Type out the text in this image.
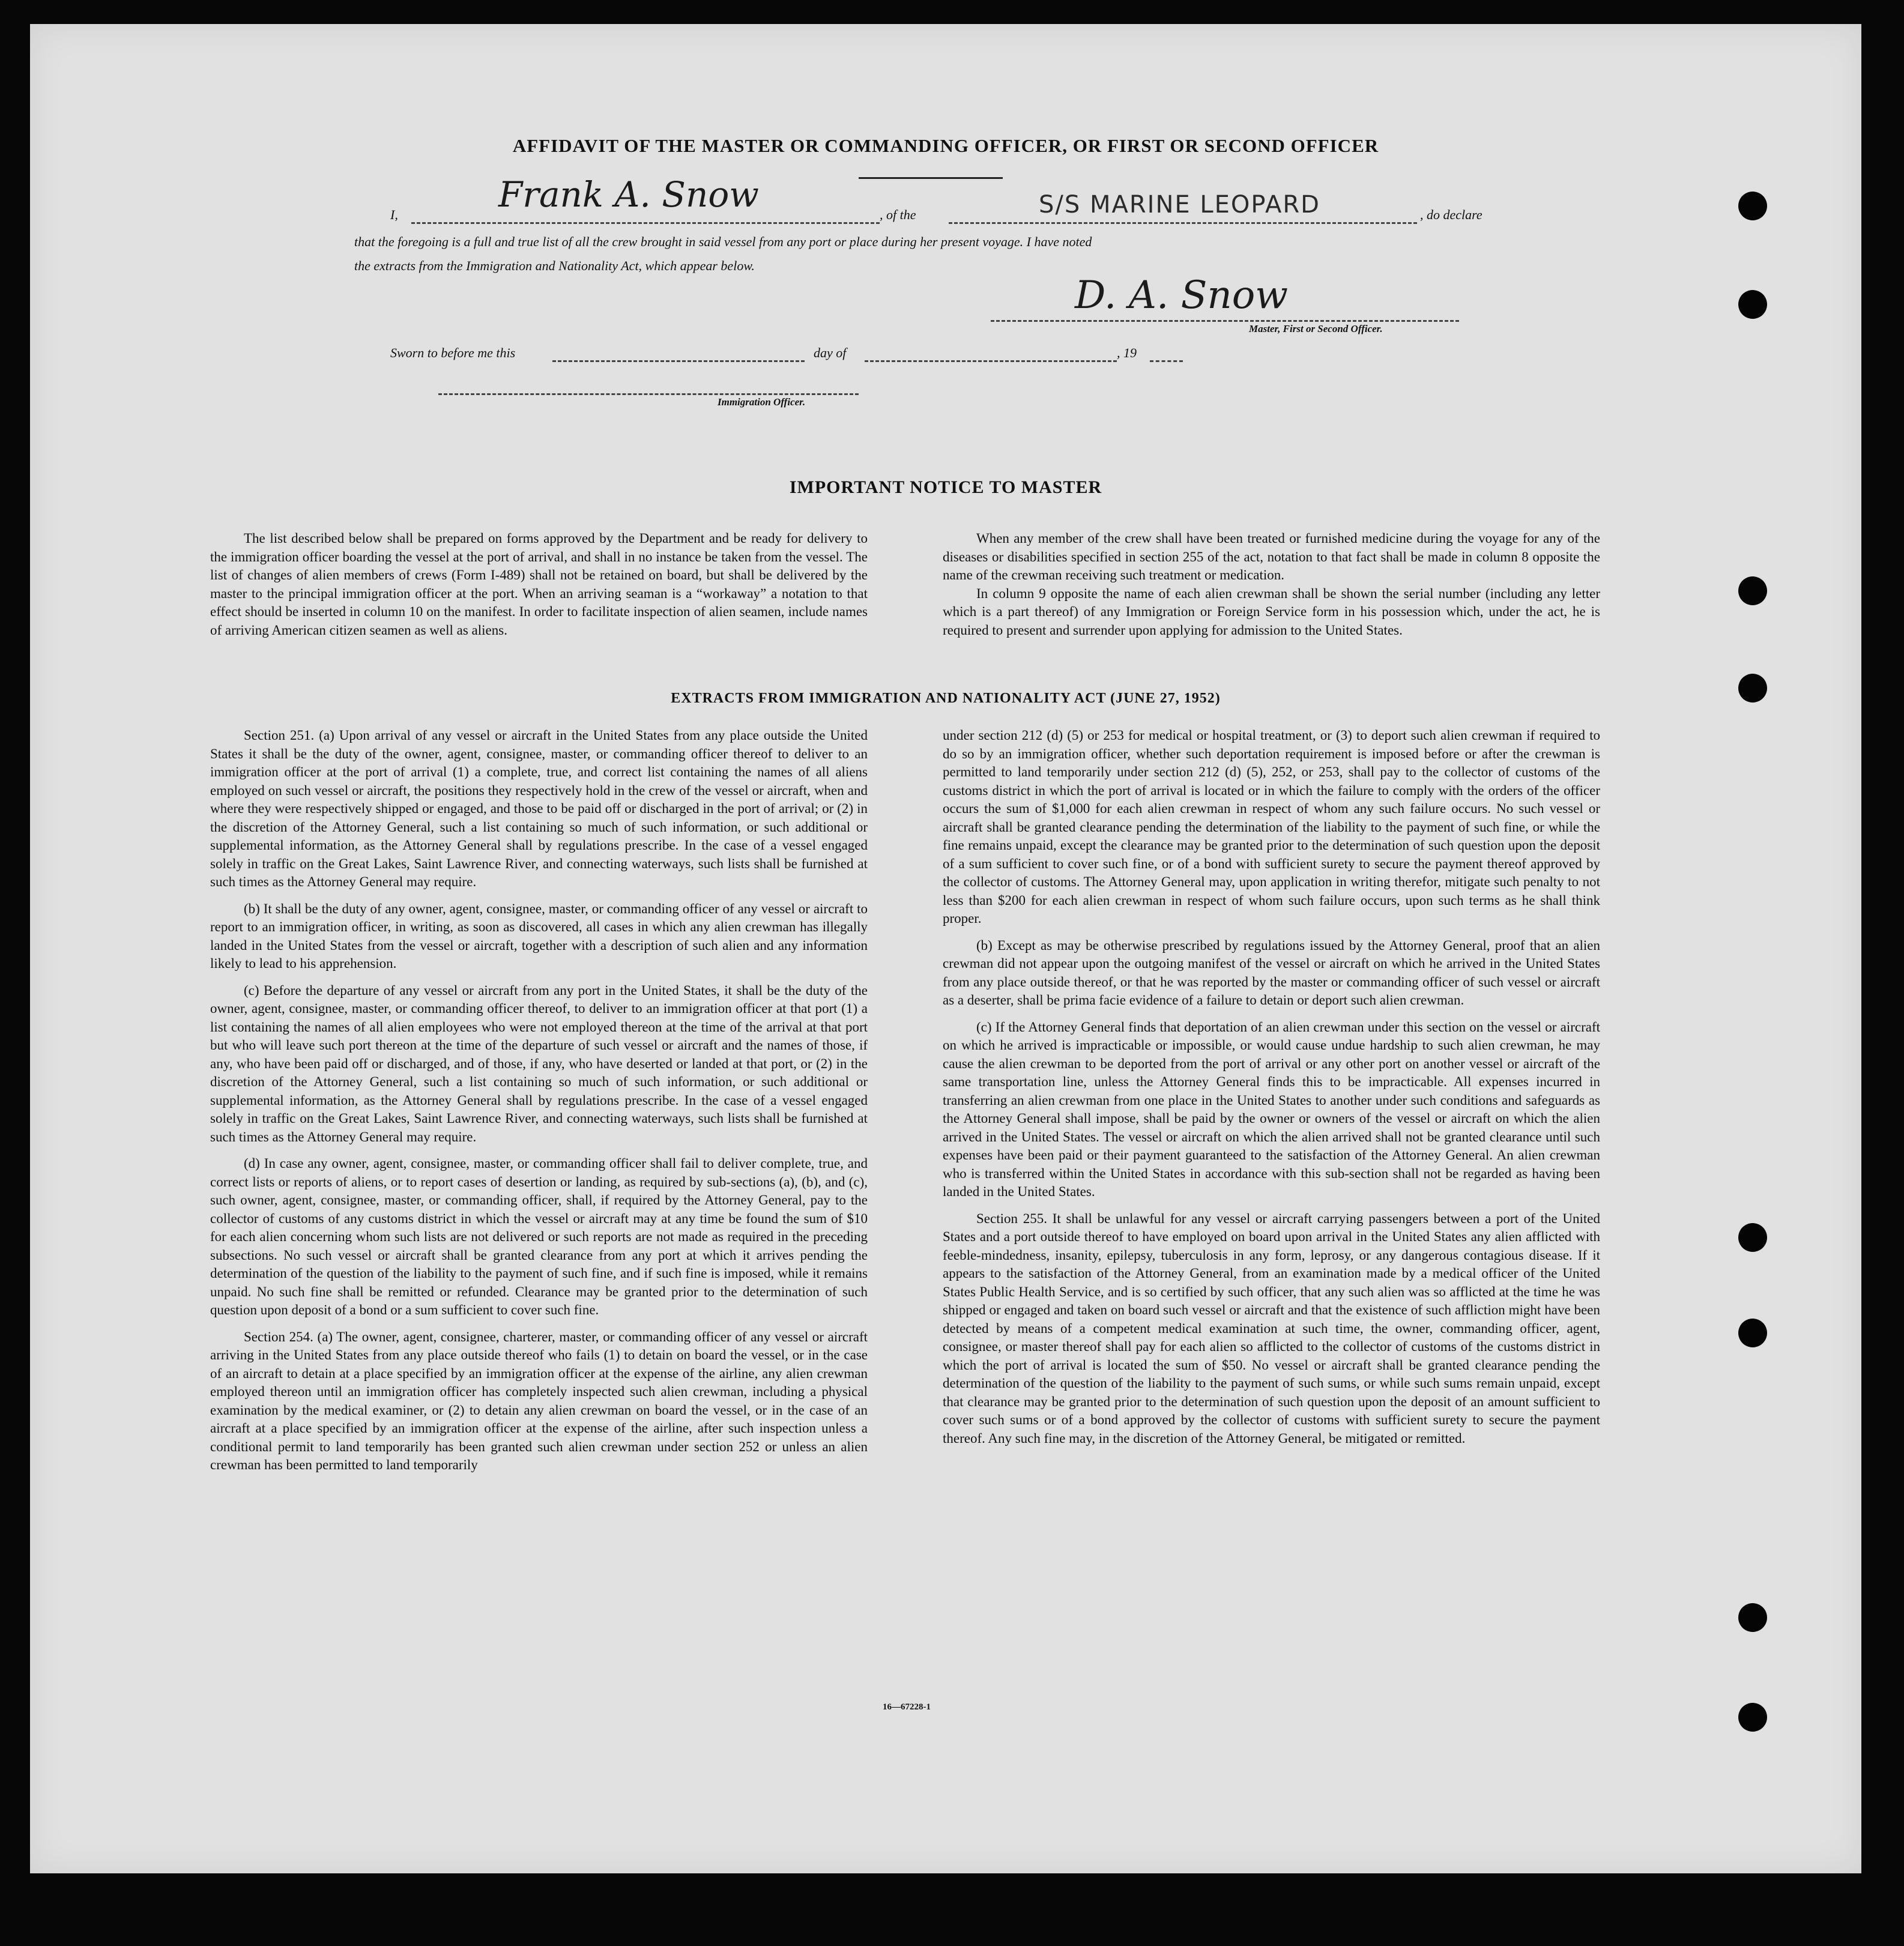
AFFIDAVIT OF THE MASTER OR COMMANDING OFFICER, OR FIRST OR SECOND OFFICER
I,	Frank A. Snow	, of the	S/S MARINE LEOPARD	, do declare
that the foregoing is a full and true list of all the crew brought in said vessel from any port or place during her present voyage. I have noted
the extracts from the Immigration and Nationality Act, which appear below.
D. A. Snow
Master, First or Second Officer.
Sworn to before me this	day of	, 19
Immigration Officer.
IMPORTANT NOTICE TO MASTER

The list described below shall be prepared on forms approved by the Department and be ready for delivery to the immigration officer boarding the vessel at the port of arrival, and shall in no instance be taken from the vessel. The list of changes of alien members of crews (Form I-489) shall not be retained on board, but shall be delivered by the master to the principal immigration officer at the port. When an arriving seaman is a “workaway” a notation to that effect should be inserted in column 10 on the manifest. In order to facilitate inspection of alien seamen, include names of arriving American citizen seamen as well as aliens.

When any member of the crew shall have been treated or furnished medicine during the voyage for any of the diseases or disabilities specified in section 255 of the act, notation to that fact shall be made in column 8 opposite the name of the crewman receiving such treatment or medication.

In column 9 opposite the name of each alien crewman shall be shown the serial number (including any letter which is a part thereof) of any Immigration or Foreign Service form in his possession which, under the act, he is required to present and surrender upon applying for admission to the United States.

EXTRACTS FROM IMMIGRATION AND NATIONALITY ACT (JUNE 27, 1952)

Section 251. (a) Upon arrival of any vessel or aircraft in the United States from any place outside the United States it shall be the duty of the owner, agent, consignee, master, or commanding officer thereof to deliver to an immigration officer at the port of arrival (1) a complete, true, and correct list containing the names of all aliens employed on such vessel or aircraft, the positions they respectively hold in the crew of the vessel or aircraft, when and where they were respectively shipped or engaged, and those to be paid off or discharged in the port of arrival; or (2) in the discretion of the Attorney General, such a list containing so much of such information, or such additional or supplemental information, as the Attorney General shall by regulations prescribe. In the case of a vessel engaged solely in traffic on the Great Lakes, Saint Lawrence River, and connecting waterways, such lists shall be furnished at such times as the Attorney General may require.

(b) It shall be the duty of any owner, agent, consignee, master, or commanding officer of any vessel or aircraft to report to an immigration officer, in writing, as soon as discovered, all cases in which any alien crewman has illegally landed in the United States from the vessel or aircraft, together with a description of such alien and any information likely to lead to his apprehension.

(c) Before the departure of any vessel or aircraft from any port in the United States, it shall be the duty of the owner, agent, consignee, master, or commanding officer thereof, to deliver to an immigration officer at that port (1) a list containing the names of all alien employees who were not employed thereon at the time of the arrival at that port but who will leave such port thereon at the time of the departure of such vessel or aircraft and the names of those, if any, who have been paid off or discharged, and of those, if any, who have deserted or landed at that port, or (2) in the discretion of the Attorney General, such a list containing so much of such information, or such additional or supplemental information, as the Attorney General shall by regulations prescribe. In the case of a vessel engaged solely in traffic on the Great Lakes, Saint Lawrence River, and connecting waterways, such lists shall be furnished at such times as the Attorney General may require.

(d) In case any owner, agent, consignee, master, or commanding officer shall fail to deliver complete, true, and correct lists or reports of aliens, or to report cases of desertion or landing, as required by sub-sections (a), (b), and (c), such owner, agent, consignee, master, or commanding officer, shall, if required by the Attorney General, pay to the collector of customs of any customs district in which the vessel or aircraft may at any time be found the sum of $10 for each alien concerning whom such lists are not delivered or such reports are not made as required in the preceding subsections. No such vessel or aircraft shall be granted clearance from any port at which it arrives pending the determination of the question of the liability to the payment of such fine, and if such fine is imposed, while it remains unpaid. No such fine shall be remitted or refunded. Clearance may be granted prior to the determination of such question upon deposit of a bond or a sum sufficient to cover such fine.

Section 254. (a) The owner, agent, consignee, charterer, master, or commanding officer of any vessel or aircraft arriving in the United States from any place outside thereof who fails (1) to detain on board the vessel, or in the case of an aircraft to detain at a place specified by an immigration officer at the expense of the airline, any alien crewman employed thereon until an immigration officer has completely inspected such alien crewman, including a physical examination by the medical examiner, or (2) to detain any alien crewman on board the vessel, or in the case of an aircraft at a place specified by an immigration officer at the expense of the airline, after such inspection unless a conditional permit to land temporarily has been granted such alien crewman under section 252 or unless an alien crewman has been permitted to land temporarily

under section 212 (d) (5) or 253 for medical or hospital treatment, or (3) to deport such alien crewman if required to do so by an immigration officer, whether such deportation requirement is imposed before or after the crewman is permitted to land temporarily under section 212 (d) (5), 252, or 253, shall pay to the collector of customs of the customs district in which the port of arrival is located or in which the failure to comply with the orders of the officer occurs the sum of $1,000 for each alien crewman in respect of whom any such failure occurs. No such vessel or aircraft shall be granted clearance pending the determination of the liability to the payment of such fine, or while the fine remains unpaid, except the clearance may be granted prior to the determination of such question upon the deposit of a sum sufficient to cover such fine, or of a bond with sufficient surety to secure the payment thereof approved by the collector of customs. The Attorney General may, upon application in writing therefor, mitigate such penalty to not less than $200 for each alien crewman in respect of whom such failure occurs, upon such terms as he shall think proper.

(b) Except as may be otherwise prescribed by regulations issued by the Attorney General, proof that an alien crewman did not appear upon the outgoing manifest of the vessel or aircraft on which he arrived in the United States from any place outside thereof, or that he was reported by the master or commanding officer of such vessel or aircraft as a deserter, shall be prima facie evidence of a failure to detain or deport such alien crewman.

(c) If the Attorney General finds that deportation of an alien crewman under this section on the vessel or aircraft on which he arrived is impracticable or impossible, or would cause undue hardship to such alien crewman, he may cause the alien crewman to be deported from the port of arrival or any other port on another vessel or aircraft of the same transportation line, unless the Attorney General finds this to be impracticable. All expenses incurred in transferring an alien crewman from one place in the United States to another under such conditions and safeguards as the Attorney General shall impose, shall be paid by the owner or owners of the vessel or aircraft on which the alien arrived in the United States. The vessel or aircraft on which the alien arrived shall not be granted clearance until such expenses have been paid or their payment guaranteed to the satisfaction of the Attorney General. An alien crewman who is transferred within the United States in accordance with this sub-section shall not be regarded as having been landed in the United States.

Section 255. It shall be unlawful for any vessel or aircraft carrying passengers between a port of the United States and a port outside thereof to have employed on board upon arrival in the United States any alien afflicted with feeble-mindedness, insanity, epilepsy, tuberculosis in any form, leprosy, or any dangerous contagious disease. If it appears to the satisfaction of the Attorney General, from an examination made by a medical officer of the United States Public Health Service, and is so certified by such officer, that any such alien was so afflicted at the time he was shipped or engaged and taken on board such vessel or aircraft and that the existence of such affliction might have been detected by means of a competent medical examination at such time, the owner, commanding officer, agent, consignee, or master thereof shall pay for each alien so afflicted to the collector of customs of the customs district in which the port of arrival is located the sum of $50. No vessel or aircraft shall be granted clearance pending the determination of the question of the liability to the payment of such sums, or while such sums remain unpaid, except that clearance may be granted prior to the determination of such question upon the deposit of an amount sufficient to cover such sums or of a bond approved by the collector of customs with sufficient surety to secure the payment thereof. Any such fine may, in the discretion of the Attorney General, be mitigated or remitted.

16—67228-1
